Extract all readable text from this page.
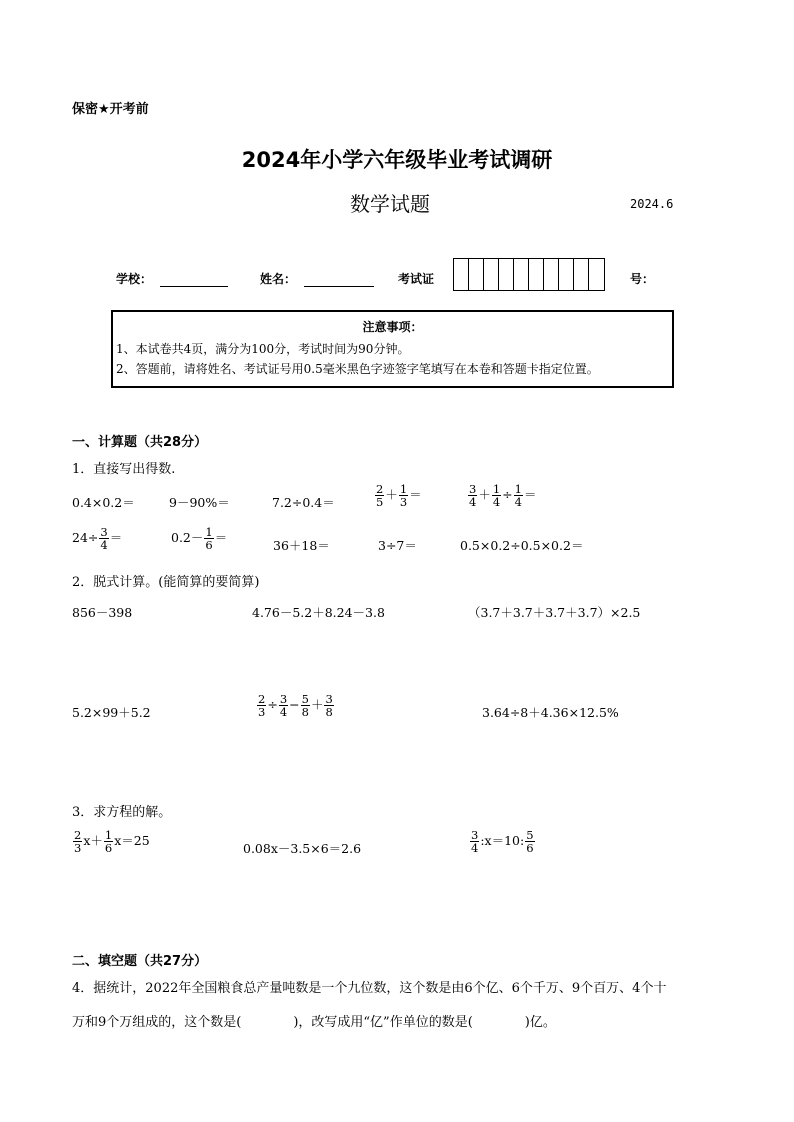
保密★开考前
2024年小学六年级毕业考试调研
数学试题	2024.6
学校：	姓名：	考试证	号：
注意事项：
1、本试卷共4页，满分为100分，考试时间为90分钟。
2、答题前，请将姓名、考试证号用0.5毫米黑色字迹签字笔填写在本卷和答题卡指定位置。
一、计算题（共28分）
1．直接写出得数.
0.4×0.2＝	9－90%＝	7.2÷0.4＝	$\frac{2}{5} + \frac{1}{3}$ ＝	$\frac{3}{4} + \frac{1}{4} \div \frac{1}{4}$ ＝
$24\div \frac{3}{4}$ ＝	$0.2- \frac{1}{6}$ ＝
36＋18＝	3÷7＝	0.5×0.2÷0.5×0.2＝
2．脱式计算。(能简算的要简算)
856－398	4.76－5.2＋8.24－3.8	（3.7＋3.7＋3.7＋3.7）×2.5
5.2×99＋5.2	$\frac{2}{3} \div \frac{3}{4} - \frac{5}{8} + \frac{3}{8}$	3.64÷8＋4.36×12.5%
3．求方程的解。
$\frac{2}{3} x+ \frac{1}{6} x=25$
0.08x－3.5×6＝2.6	$\frac{3}{4}$ :x＝10: $\frac{5}{6}$
二、填空题（共27分）
4．据统计，2022年全国粮食总产量吨数是一个九位数，这个数是由6个亿、6个千万、9个百万、4个十
万和9个万组成的，这个数是(　　　　)，改写成用“亿”作单位的数是(　　　　)亿。
